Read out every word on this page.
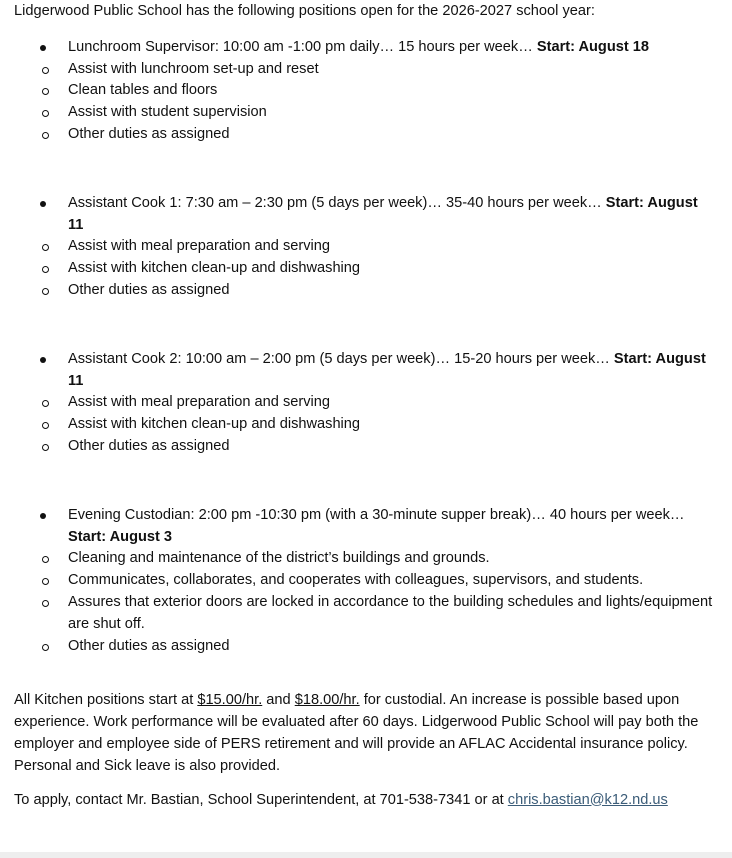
Lidgerwood Public School has the following positions open for the 2026-2027 school year:

Lunchroom Supervisor: 10:00 am -1:00 pm daily… 15 hours per week… Start: August 18
Assist with lunchroom set-up and reset
Clean tables and floors
Assist with student supervision
Other duties as assigned
Assistant Cook 1: 7:30 am – 2:30 pm (5 days per week)… 35-40 hours per week… Start: August 11
Assist with meal preparation and serving
Assist with kitchen clean-up and dishwashing
Other duties as assigned
Assistant Cook 2: 10:00 am – 2:00 pm (5 days per week)… 15-20 hours per week… Start: August 11
Assist with meal preparation and serving
Assist with kitchen clean-up and dishwashing
Other duties as assigned
Evening Custodian: 2:00 pm -10:30 pm (with a 30-minute supper break)… 40 hours per week… Start: August 3
Cleaning and maintenance of the district’s buildings and grounds.
Communicates, collaborates, and cooperates with colleagues, supervisors, and students.
Assures that exterior doors are locked in accordance to the building schedules and lights/equipment are shut off.
Other duties as assigned

All Kitchen positions start at $15.00/hr. and $18.00/hr. for custodial. An increase is possible based upon experience. Work performance will be evaluated after 60 days. Lidgerwood Public School will pay both the employer and employee side of PERS retirement and will provide an AFLAC Accidental insurance policy. Personal and Sick leave is also provided.

To apply, contact Mr. Bastian, School Superintendent, at 701-538-7341 or at chris.bastian@k12.nd.us
